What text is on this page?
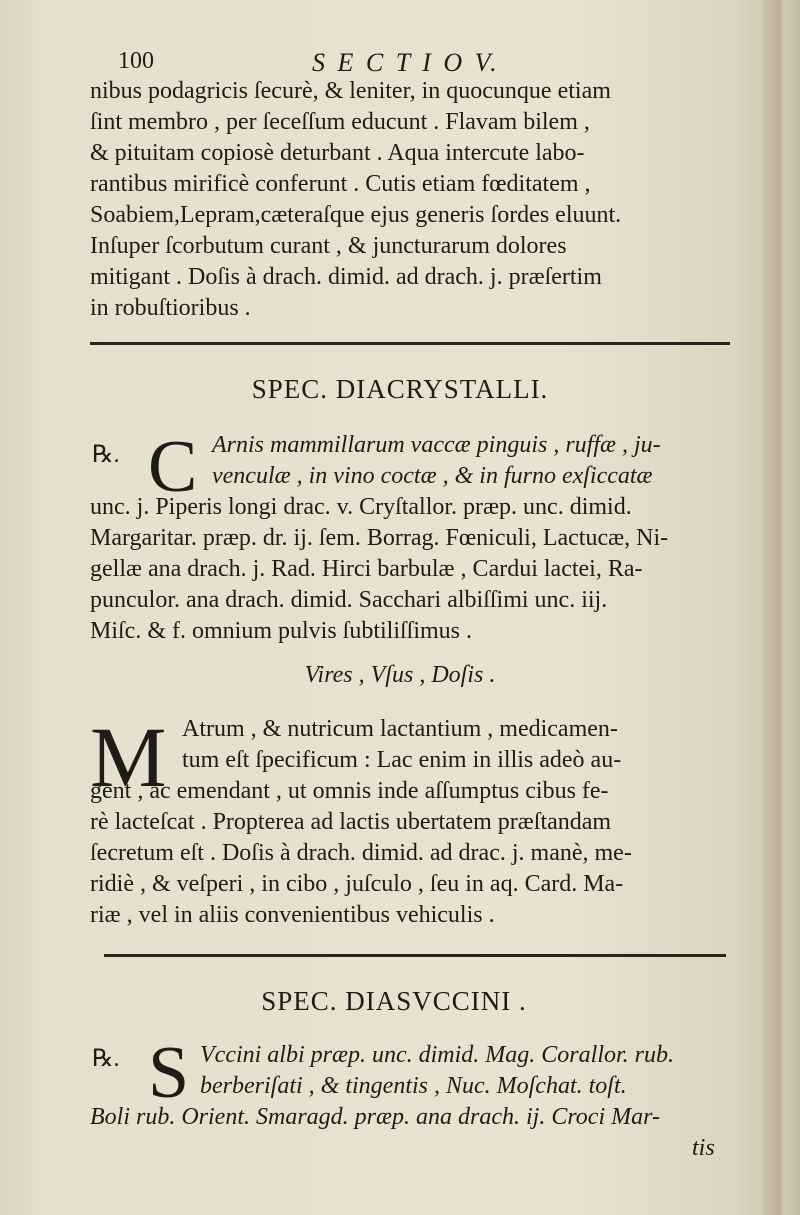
100	S E C T I O V.
nibus podagricis ſecurè, & leniter, in quocunque etiam
ſint membro , per ſeceſſum educunt . Flavam bilem ,
& pituitam copiosè deturbant . Aqua intercute labo-
rantibus mirificè conferunt . Cutis etiam fœditatem ,
Soabiem,Lepram,cæteraſque ejus generis ſordes eluunt.
Inſuper ſcorbutum curant , & juncturarum dolores
mitigant . Doſis à drach. dimid. ad drach. j. præſertim
in robuſtioribus .
SPEC. DIACRYSTALLI.
℞. C Arnis mammillarum vaccæ pinguis , ruffæ , ju-
venculæ , in vino coctæ , & in furno exſiccatæ
unc. j. Piperis longi drac. v. Cryſtallor. præp. unc. dimid.
Margaritar. præp. dr. ij. ſem. Borrag. Fœniculi, Lactucæ, Ni-
gellæ ana drach. j. Rad. Hirci barbulæ , Cardui lactei, Ra-
punculor. ana drach. dimid. Sacchari albiſſimi unc. iij.
Miſc. & f. omnium pulvis ſubtiliſſimus .
Vires , Vſus , Doſis .
M Atrum , & nutricum lactantium , medicamen-
tum eſt ſpecificum : Lac enim in illis adeò au-
gent , ac emendant , ut omnis inde aſſumptus cibus fe-
rè lacteſcat . Propterea ad lactis ubertatem præſtandam
ſecretum eſt . Doſis à drach. dimid. ad drac. j. manè, me-
ridiè , & veſperi , in cibo , juſculo , ſeu in aq. Card. Ma-
riæ , vel in aliis convenientibus vehiculis .
SPEC. DIASVCCINI .
℞. S Vccini albi præp. unc. dimid. Mag. Corallor. rub.
berberiſati , & tingentis , Nuc. Moſchat. toſt.
Boli rub. Orient. Smaragd. præp. ana drach. ij. Croci Mar-
tis
